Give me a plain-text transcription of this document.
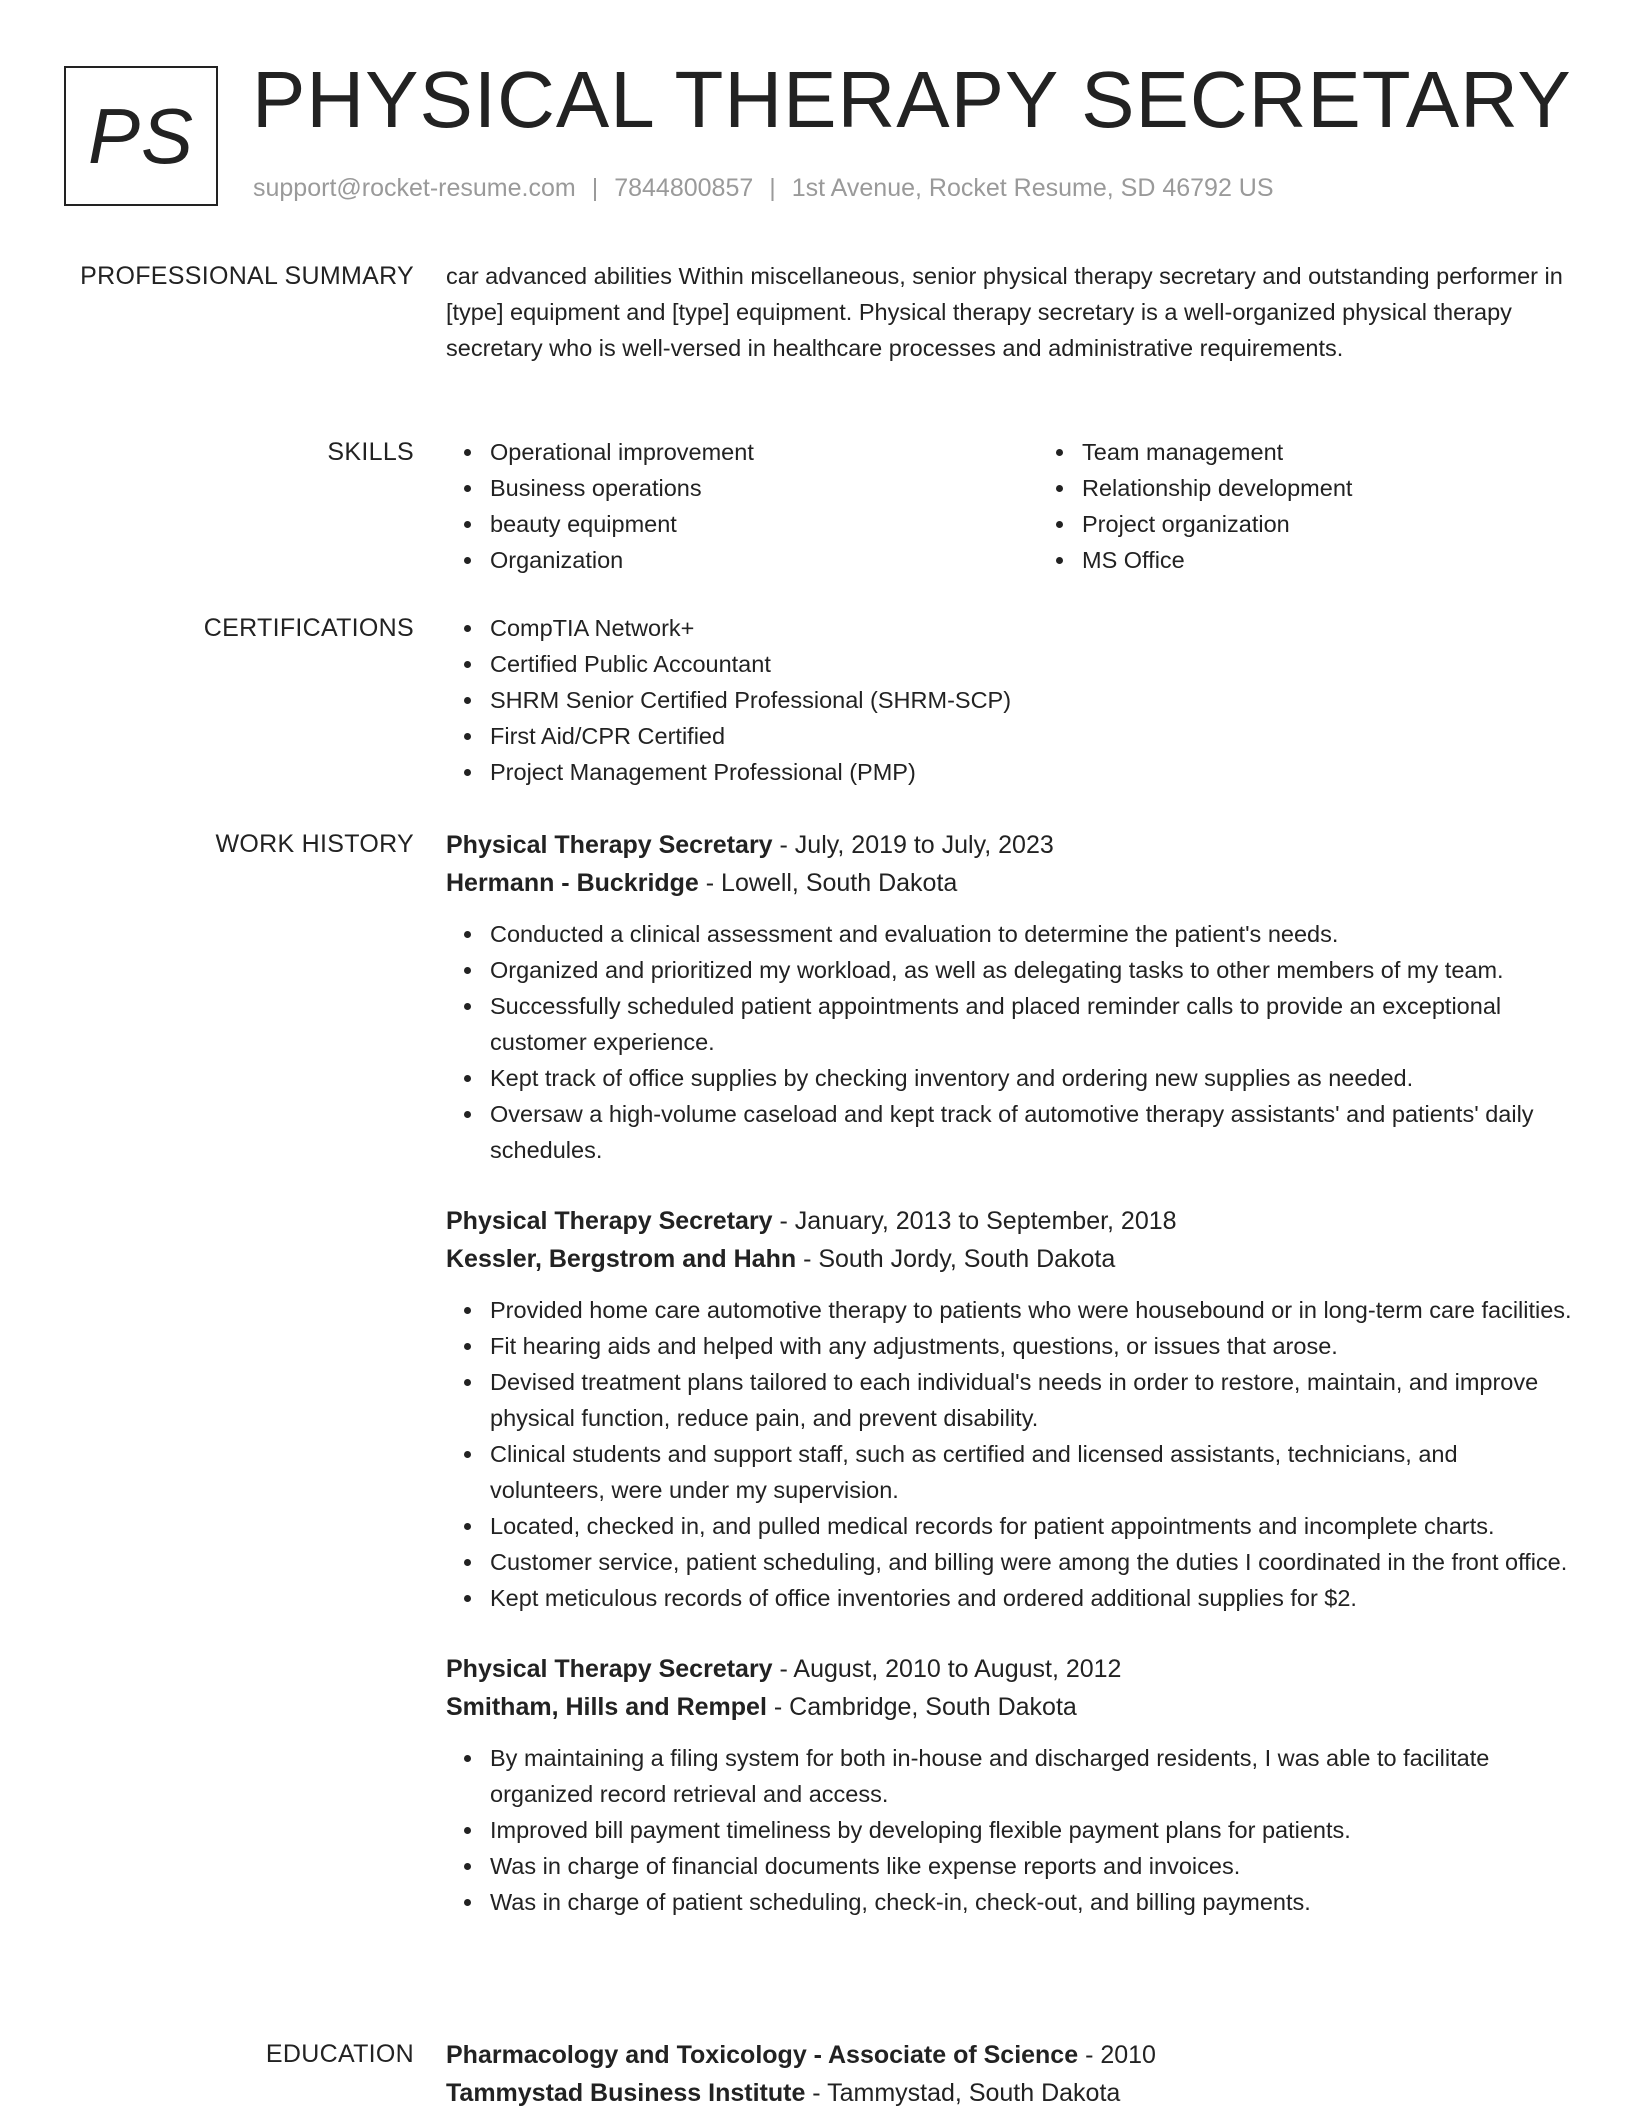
PS PHYSICAL THERAPY SECRETARY
support@rocket-resume.com | 7844800857 | 1st Avenue, Rocket Resume, SD 46792 US
PROFESSIONAL SUMMARY car advanced abilities Within miscellaneous, senior physical therapy secretary and outstanding performer in [type] equipment and [type] equipment. Physical therapy secretary is a well-organized physical therapy secretary who is well-versed in healthcare processes and administrative requirements.

SKILLS	Operational improvement
Business operations
beauty equipment
Organization
Team management
Relationship development
Project organization
MS Office
CERTIFICATIONS	CompTIA Network+
Certified Public Accountant
SHRM Senior Certified Professional (SHRM-SCP)
First Aid/CPR Certified
Project Management Professional (PMP)
WORK HISTORY Physical Therapy Secretary - July, 2019 to July, 2023
Hermann - Buckridge - Lowell, South Dakota
Conducted a clinical assessment and evaluation to determine the patient's needs.
Organized and prioritized my workload, as well as delegating tasks to other members of my team.
Successfully scheduled patient appointments and placed reminder calls to provide an exceptional customer experience.
Kept track of office supplies by checking inventory and ordering new supplies as needed.
Oversaw a high-volume caseload and kept track of automotive therapy assistants' and patients' daily schedules.
Physical Therapy Secretary - January, 2013 to September, 2018
Kessler, Bergstrom and Hahn - South Jordy, South Dakota
Provided home care automotive therapy to patients who were housebound or in long-term care facilities.
Fit hearing aids and helped with any adjustments, questions, or issues that arose.
Devised treatment plans tailored to each individual's needs in order to restore, maintain, and improve physical function, reduce pain, and prevent disability.
Clinical students and support staff, such as certified and licensed assistants, technicians, and volunteers, were under my supervision.
Located, checked in, and pulled medical records for patient appointments and incomplete charts.
Customer service, patient scheduling, and billing were among the duties I coordinated in the front office.
Kept meticulous records of office inventories and ordered additional supplies for $2.
Physical Therapy Secretary - August, 2010 to August, 2012
Smitham, Hills and Rempel - Cambridge, South Dakota
By maintaining a filing system for both in-house and discharged residents, I was able to facilitate organized record retrieval and access.
Improved bill payment timeliness by developing flexible payment plans for patients.
Was in charge of financial documents like expense reports and invoices.
Was in charge of patient scheduling, check-in, check-out, and billing payments.
EDUCATION Pharmacology and Toxicology - Associate of Science - 2010
Tammystad Business Institute - Tammystad, South Dakota
